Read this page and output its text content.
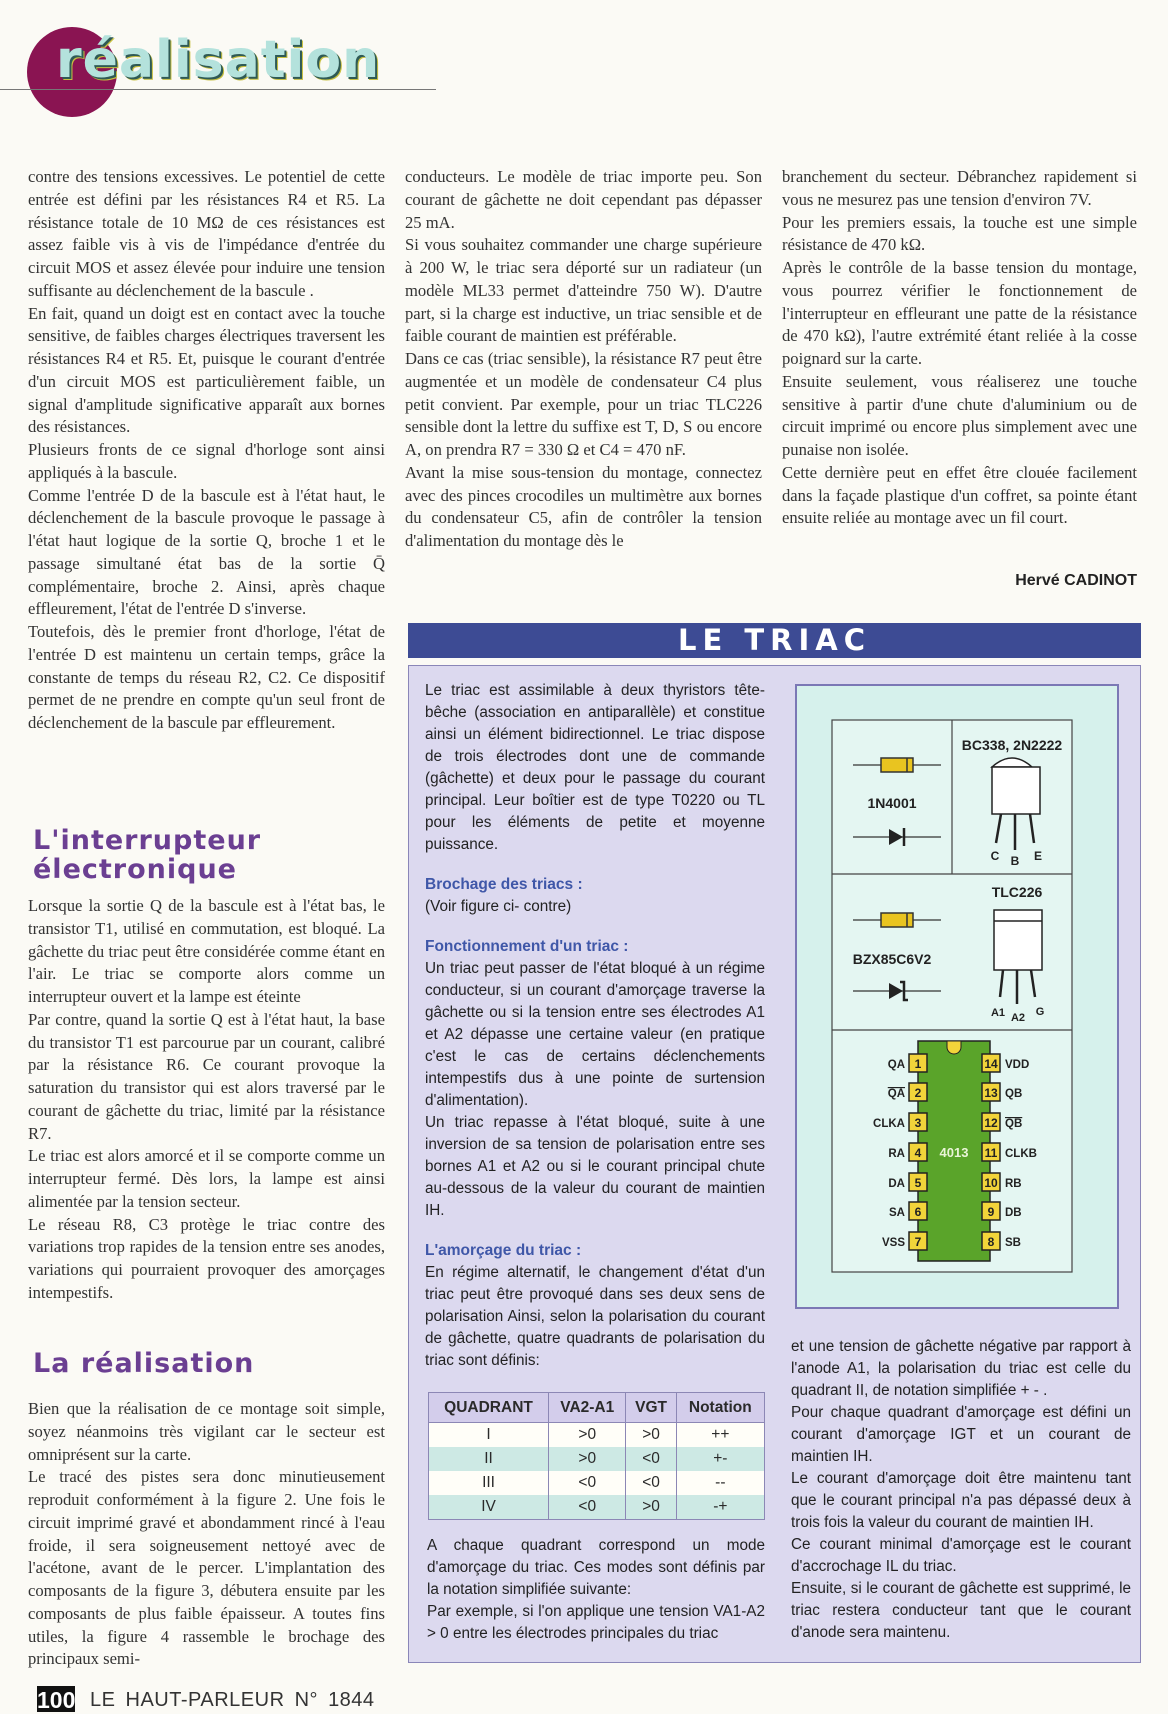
réalisation

contre des tensions excessives. Le potentiel de cette entrée est défini par les résistances R4 et R5. La résistance totale de 10 MΩ de ces résistances est assez faible vis à vis de l'impédance d'entrée du circuit MOS et assez élevée pour induire une tension suffisante au déclenchement de la bascule .

En fait, quand un doigt est en contact avec la touche sensitive, de faibles charges électriques traversent les résistances R4 et R5. Et, puisque le courant d'entrée d'un circuit MOS est particulièrement faible, un signal d'amplitude significative apparaît aux bornes des résistances.

Plusieurs fronts de ce signal d'horloge sont ainsi appliqués à la bascule.

Comme l'entrée D de la bascule est à l'état haut, le déclenchement de la bascule provoque le passage à l'état haut logique de la sortie Q, broche 1 et le passage simultané état bas de la sortie Q̄ complémentaire, broche 2. Ainsi, après chaque effleurement, l'état de l'entrée D s'inverse.

Toutefois, dès le premier front d'horloge, l'état de l'entrée D est maintenu un certain temps, grâce la constante de temps du réseau R2, C2. Ce dispositif permet de ne prendre en compte qu'un seul front de déclenchement de la bascule par effleurement.

L'interrupteur
électronique

Lorsque la sortie Q de la bascule est à l'état bas, le transistor T1, utilisé en commutation, est bloqué. La gâchette du triac peut être considérée comme étant en l'air. Le triac se comporte alors comme un interrupteur ouvert et la lampe est éteinte

Par contre, quand la sortie Q est à l'état haut, la base du transistor T1 est parcourue par un courant, calibré par la résistance R6. Ce courant provoque la saturation du transistor qui est alors traversé par le courant de gâchette du triac, limité par la résistance R7.

Le triac est alors amorcé et il se comporte comme un interrupteur fermé. Dès lors, la lampe est ainsi alimentée par la tension secteur.

Le réseau R8, C3 protège le triac contre des variations trop rapides de la tension entre ses anodes, variations qui pourraient provoquer des amorçages intempestifs.

La réalisation

Bien que la réalisation de ce montage soit simple, soyez néanmoins très vigilant car le secteur est omniprésent sur la carte.

Le tracé des pistes sera donc minutieusement reproduit conformément à la figure 2. Une fois le circuit imprimé gravé et abondamment rincé à l'eau froide, il sera soigneusement nettoyé avec de l'acétone, avant de le percer. L'implantation des composants de la figure 3, débutera ensuite par les composants de plus faible épaisseur. A toutes fins utiles, la figure 4 rassemble le brochage des principaux semi-

conducteurs. Le modèle de triac importe peu. Son courant de gâchette ne doit cependant pas dépasser 25 mA.

Si vous souhaitez commander une charge supérieure à 200 W, le triac sera déporté sur un radiateur (un modèle ML33 permet d'atteindre 750 W). D'autre part, si la charge est inductive, un triac sensible et de faible courant de maintien est préférable.

Dans ce cas (triac sensible), la résistance R7 peut être augmentée et un modèle de condensateur C4 plus petit convient. Par exemple, pour un triac TLC226 sensible dont la lettre du suffixe est T, D, S ou encore A, on prendra R7 = 330 Ω et C4 = 470 nF.

Avant la mise sous-tension du montage, connectez avec des pinces crocodiles un multimètre aux bornes du condensateur C5, afin de contrôler la tension d'alimentation du montage dès le

branchement du secteur. Débranchez rapidement si vous ne mesurez pas une tension d'environ 7V.

Pour les premiers essais, la touche est une simple résistance de 470 kΩ.

Après le contrôle de la basse tension du montage, vous pourrez vérifier le fonctionnement de l'interrupteur en effleurant une patte de la résistance de 470 kΩ), l'autre extrémité étant reliée à la cosse poignard sur la carte.

Ensuite seulement, vous réaliserez une touche sensitive à partir d'une chute d'aluminium ou de circuit imprimé ou encore plus simplement avec une punaise non isolée.

Cette dernière peut en effet être clouée facilement dans la façade plastique d'un coffret, sa pointe étant ensuite reliée au montage avec un fil court.

Hervé CADINOT
LE TRIAC

Le triac est assimilable à deux thyristors tête-bêche (association en antiparallèle) et constitue ainsi un élément bidirectionnel. Le triac dispose de trois électrodes dont une de commande (gâchette) et deux pour le passage du courant principal. Leur boîtier est de type T0220 ou TL pour les éléments de petite et moyenne puissance.

Brochage des triacs :

(Voir figure ci- contre)

Fonctionnement d'un triac :

Un triac peut passer de l'état bloqué à un régime conducteur, si un courant d'amorçage traverse la gâchette ou si la tension entre ses électrodes A1 et A2 dépasse une certaine valeur (en pratique c'est le cas de certains déclenchements intempestifs dus à une pointe de surtension d'alimentation).

Un triac repasse à l'état bloqué, suite à une inversion de sa tension de polarisation entre ses bornes A1 et A2 ou si le courant principal chute au-dessous de la valeur du courant de maintien IH.

L'amorçage du triac :

En régime alternatif, le changement d'état d'un triac peut être provoqué dans ses deux sens de polarisation Ainsi, selon la polarisation du courant de gâchette, quatre quadrants de polarisation du triac sont définis:

QUADRANT	VA2-A1	VGT	Notation
I	>0	>0	++
II	>0	<0	+-
III	<0	<0	--
IV	<0	>0	-+

A chaque quadrant correspond un mode d'amorçage du triac. Ces modes sont définis par la notation simplifiée suivante:

Par exemple, si l'on applique une tension VA1-A2 > 0 entre les électrodes principales du triac

et une tension de gâchette négative par rapport à l'anode A1, la polarisation du triac est celle du quadrant II, de notation simplifiée + - .

Pour chaque quadrant d'amorçage est défini un courant d'amorçage IGT et un courant de maintien IH.

Le courant d'amorçage doit être maintenu tant que le courant principal n'a pas dépassé deux à trois fois la valeur du courant de maintien IH.

Ce courant minimal d'amorçage est le courant d'accrochage IL du triac.

Ensuite, si le courant de gâchette est supprimé, le triac restera conducteur tant que le courant d'anode sera maintenu.

1N4001
BC338, 2N2222
C B E
BZX85C6V2
TLC226
A1 A2 G
4013
1
QA	14 VDD
2
QA	13 QB
3
CLKA	12 QB
4
RA	11 CLKB
5
DA	10 RB
6
SA	9 DB
7
VSS	8 SB
100 LE HAUT-PARLEUR N° 1844
